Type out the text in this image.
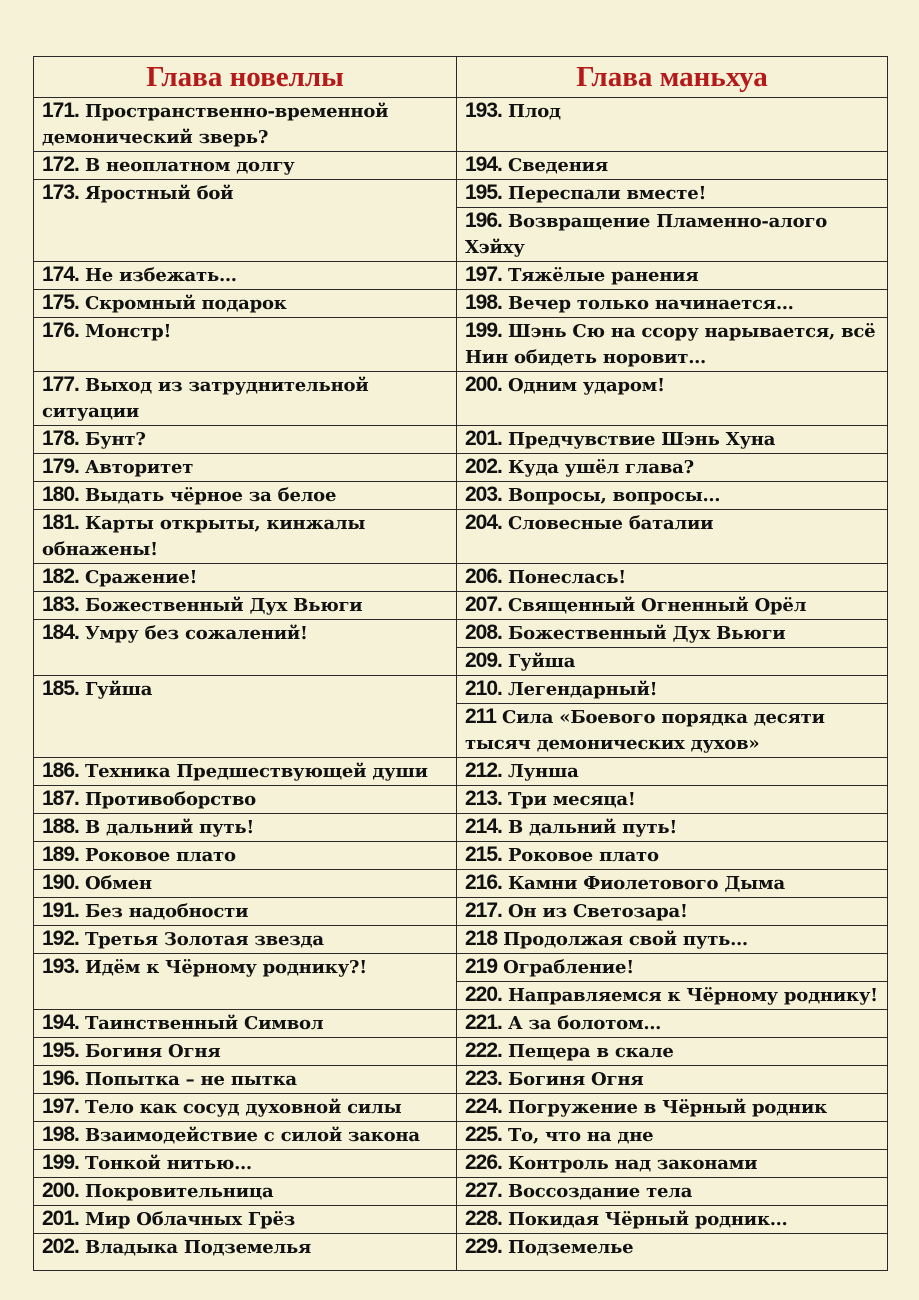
Глава новеллы	Глава маньхуа
171. Пространственно-временной демонический зверь?	193. Плод
172. В неоплатном долгу	194. Сведения
173. Яростный бой	195. Переспали вместе!
	196. Возвращение Пламенно-алого Хэйху
174. Не избежать…	197. Тяжёлые ранения
175. Скромный подарок	198. Вечер только начинается…
176. Монстр!	199. Шэнь Сю на ссору нарывается, всё Нин обидеть норовит…
177. Выход из затруднительной ситуации	200. Одним ударом!
178. Бунт?	201. Предчувствие Шэнь Хуна
179. Авторитет	202. Куда ушёл глава?
180. Выдать чёрное за белое	203. Вопросы, вопросы…
181. Карты открыты, кинжалы обнажены!	204. Словесные баталии
182. Сражение!	206. Понеслась!
183. Божественный Дух Вьюги	207. Священный Огненный Орёл
184. Умру без сожалений!	208. Божественный Дух Вьюги
	209. Гуйша
185. Гуйша	210. Легендарный!
	211 Сила «Боевого порядка десяти тысяч демонических духов»
186. Техника Предшествующей души	212. Лунша
187. Противоборство	213. Три месяца!
188. В дальний путь!	214. В дальний путь!
189. Роковое плато	215. Роковое плато
190. Обмен	216. Камни Фиолетового Дыма
191. Без надобности	217. Он из Светозара!
192. Третья Золотая звезда	218 Продолжая свой путь…
193. Идём к Чёрному роднику?!	219 Ограбление!
	220. Направляемся к Чёрному роднику!
194. Таинственный Символ	221. А за болотом…
195. Богиня Огня	222. Пещера в скале
196. Попытка – не пытка	223. Богиня Огня
197. Тело как сосуд духовной силы	224. Погружение в Чёрный родник
198. Взаимодействие с силой закона	225. То, что на дне
199. Тонкой нитью…	226. Контроль над законами
200. Покровительница	227. Воссоздание тела
201. Мир Облачных Грёз	228. Покидая Чёрный родник…
202. Владыка Подземелья	229. Подземелье
